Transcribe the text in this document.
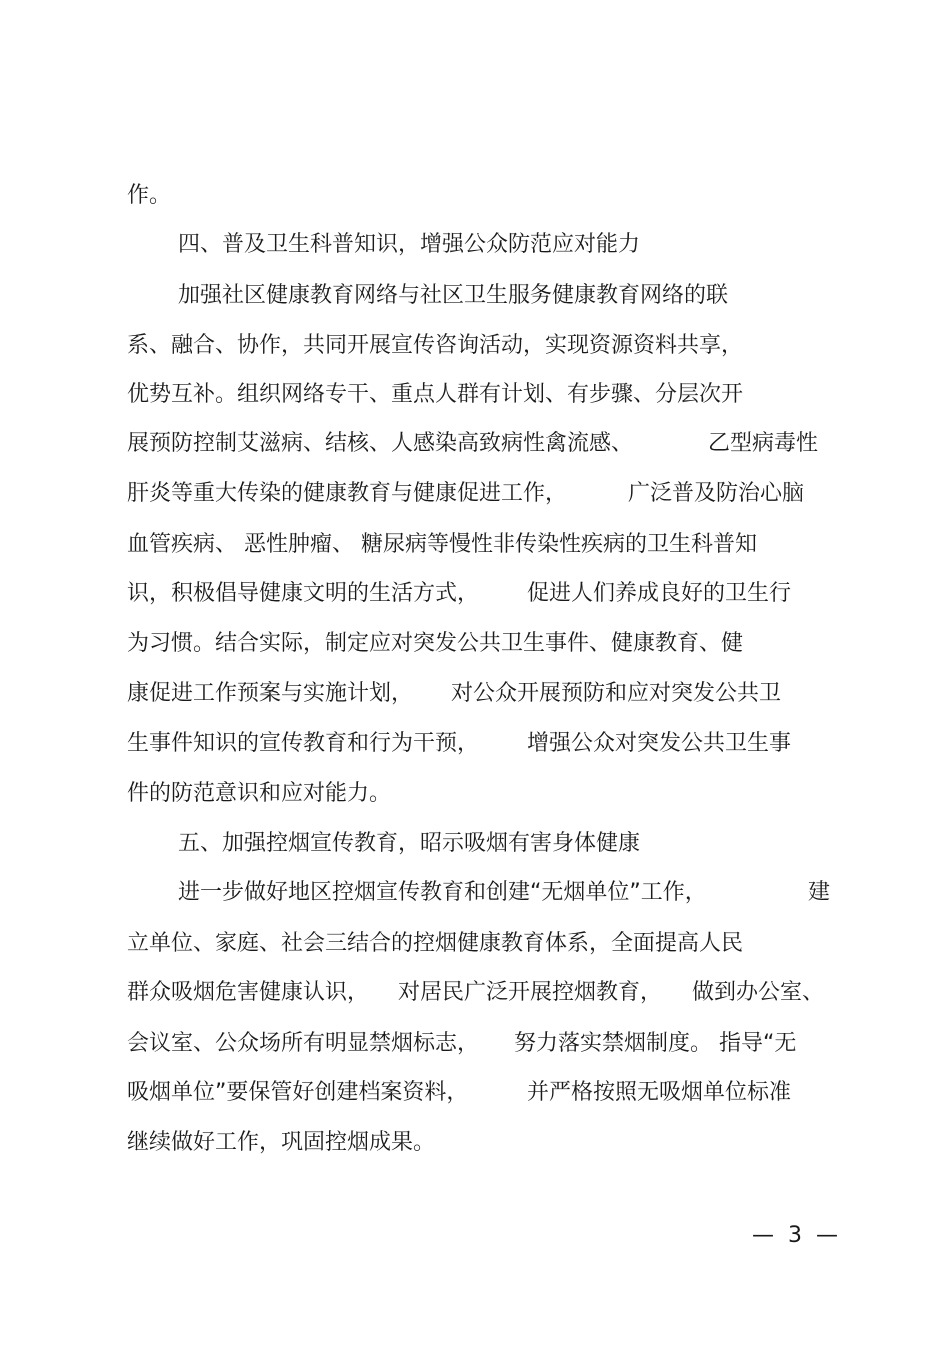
作。
四、普及卫生科普知识，增强公众防范应对能力
加强社区健康教育网络与社区卫生服务健康教育网络的联
系、融合、协作，共同开展宣传咨询活动，实现资源资料共享，
优势互补。组织网络专干、重点人群有计划、有步骤、分层次开
展预防控制艾滋病、结核、人感染高致病性禽流感、	乙型病毒性
肝炎等重大传染的健康教育与健康促进工作，	广泛普及防治心脑
血管疾病、 恶性肿瘤、 糖尿病等慢性非传染性疾病的卫生科普知
识，积极倡导健康文明的生活方式， 促进人们养成良好的卫生行
为习惯。结合实际，制定应对突发公共卫生事件、健康教育、健
康促进工作预案与实施计划， 对公众开展预防和应对突发公共卫
生事件知识的宣传教育和行为干预， 增强公众对突发公共卫生事
件的防范意识和应对能力。
五、加强控烟宣传教育，昭示吸烟有害身体健康
进一步做好地区控烟宣传教育和创建“无烟单位”工作，	建
立单位、家庭、社会三结合的控烟健康教育体系，全面提高人民
群众吸烟危害健康认识， 对居民广泛开展控烟教育， 做到办公室、
会议室、公众场所有明显禁烟标志， 努力落实禁烟制度。 指导“无
吸烟单位”要保管好创建档案资料，	并严格按照无吸烟单位标准
继续做好工作，巩固控烟成果。
—  3  —
